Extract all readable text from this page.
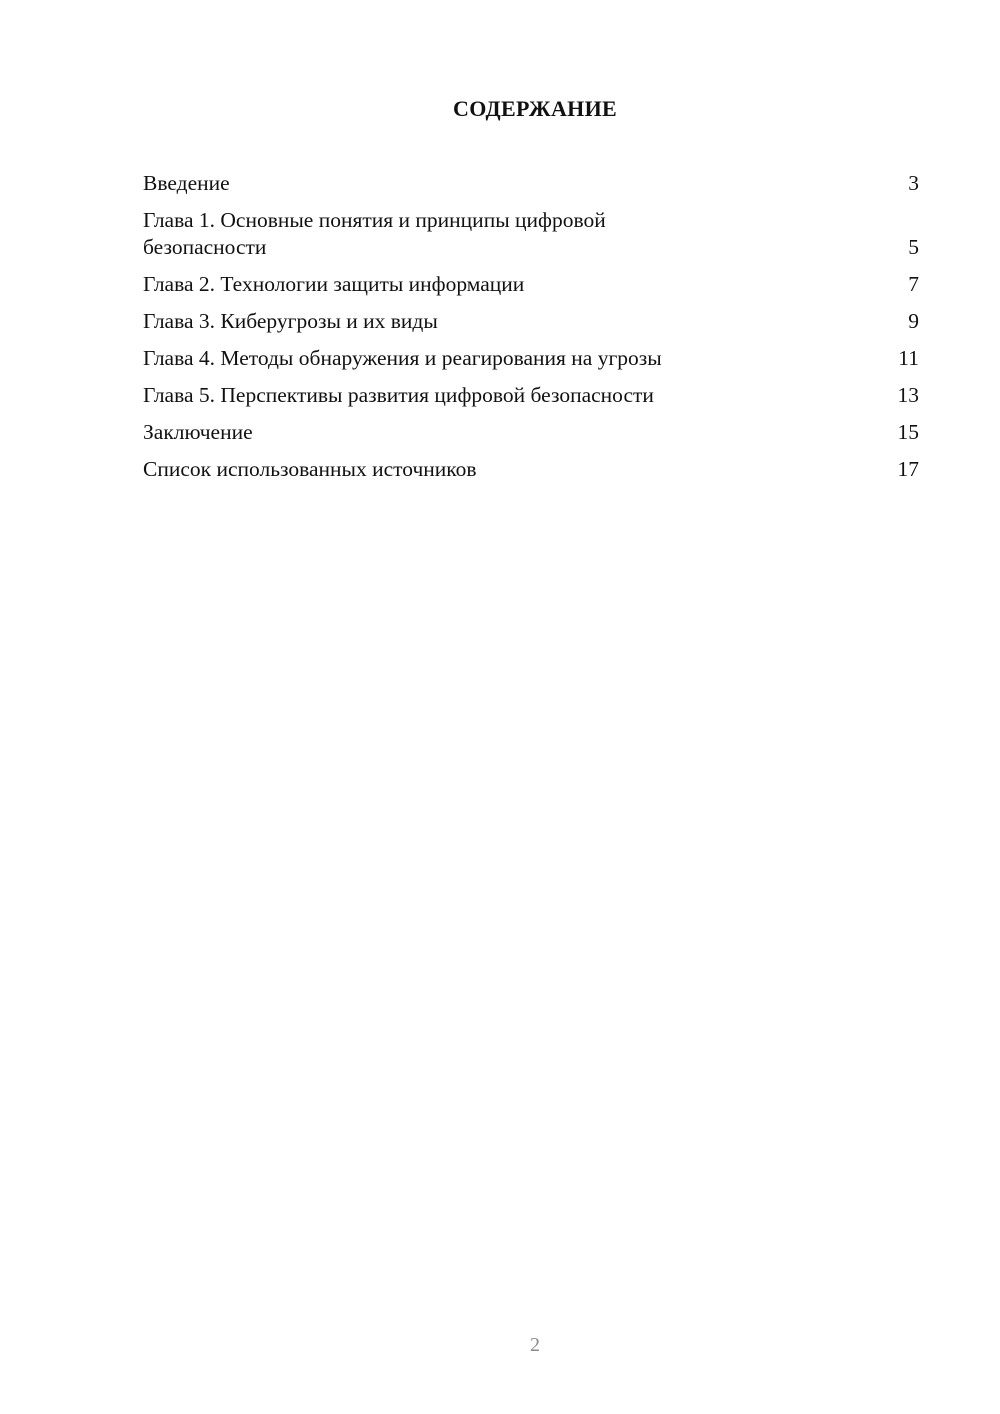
СОДЕРЖАНИЕ
Введение	3
Глава 1. Основные понятия и принципы цифровой безопасности	5
Глава 2. Технологии защиты информации	7
Глава 3. Киберугрозы и их виды	9
Глава 4. Методы обнаружения и реагирования на угрозы	11
Глава 5. Перспективы развития цифровой безопасности	13
Заключение	15
Список использованных источников	17
2
